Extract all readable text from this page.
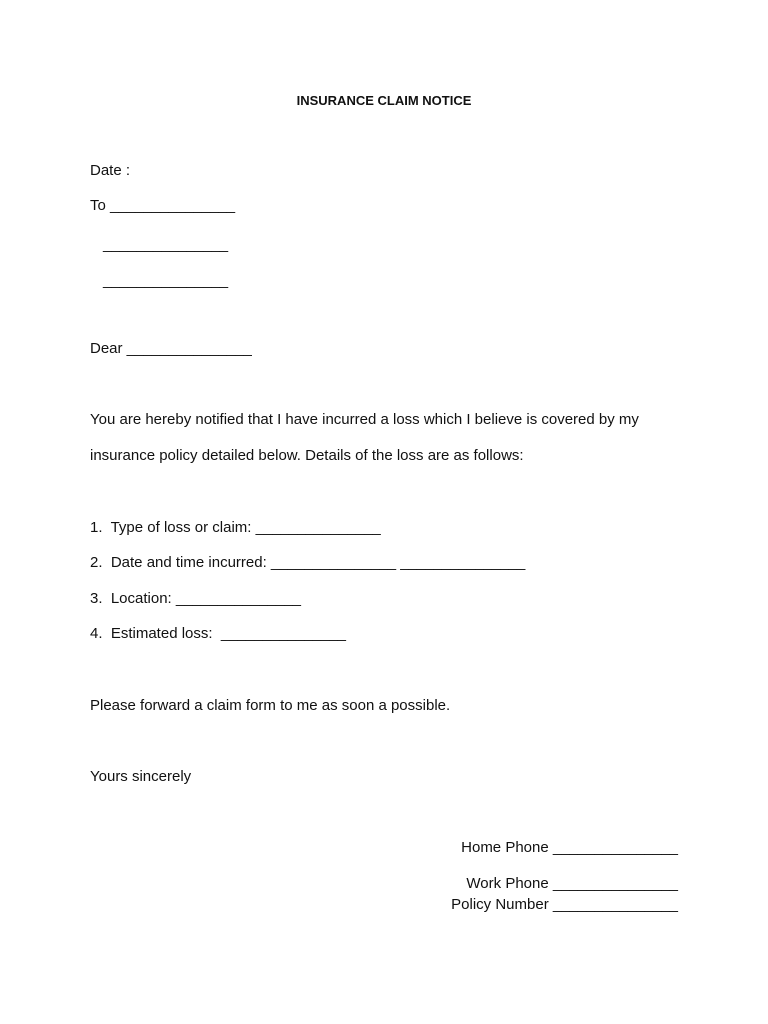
INSURANCE CLAIM NOTICE
Date :
To _______________
_______________
_______________
Dear _______________
You are hereby notified that I have incurred a loss which I believe is covered by my
insurance policy detailed below. Details of the loss are as follows:
1.  Type of loss or claim: _______________
2.  Date and time incurred: _______________ _______________
3.  Location: _______________
4.  Estimated loss:  _______________
Please forward a claim form to me as soon a possible.
Yours sincerely
Home Phone _______________
Work Phone _______________
Policy Number _______________
